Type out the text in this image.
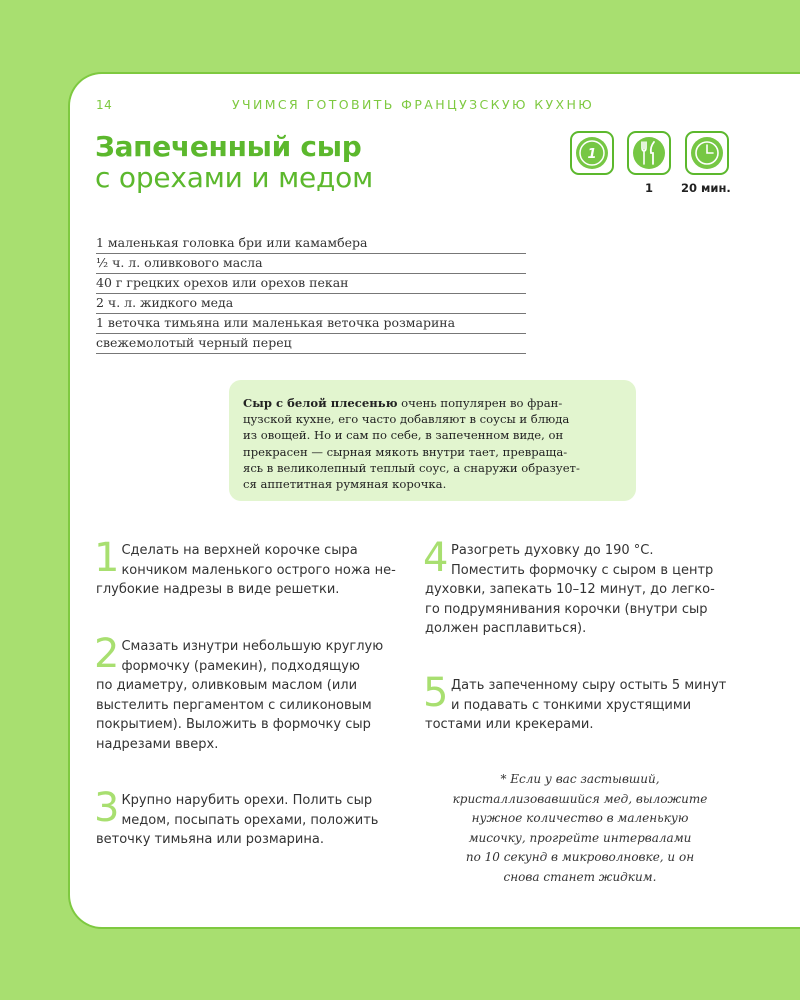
14	УЧИМСЯ ГОТОВИТЬ ФРАНЦУЗСКУЮ КУХНЮ
Запеченный сыр
с орехами и медом
1
1 20 мин.
1 маленькая головка бри или камамбера
½ ч. л. оливкового масла
40 г грецких орехов или орехов пекан
2 ч. л. жидкого меда
1 веточка тимьяна или маленькая веточка розмарина
свежемолотый черный перец
Сыр с белой плесенью очень популярен во фран-
цузской кухне, его часто добавляют в соусы и блюда
из овощей. Но и сам по себе, в запеченном виде, он
прекрасен — сырная мякоть внутри тает, превраща-
ясь в великолепный теплый соус, а снаружи образует-
ся аппетитная румяная корочка.
1 Сделать на верхней корочке сыра
кончиком маленького острого ножа не-
глубокие надрезы в виде решетки.
2 Смазать изнутри небольшую круглую
формочку (рамекин), подходящую
по диаметру, оливковым маслом (или
выстелить пергаментом с силиконовым
покрытием). Выложить в формочку сыр
надрезами вверх.
3 Крупно нарубить орехи. Полить сыр
медом, посыпать орехами, положить
веточку тимьяна или розмарина.
4 Разогреть духовку до 190 °С.
Поместить формочку с сыром в центр
духовки, запекать 10–12 минут, до легко-
го подрумянивания корочки (внутри сыр
должен расплавиться).
5 Дать запеченному сыру остыть 5 минут
и подавать с тонкими хрустящими
тостами или крекерами.
* Если у вас застывший,
кристаллизовавшийся мед, выложите
нужное количество в маленькую
мисочку, прогрейте интервалами
по 10 секунд в микроволновке, и он
снова станет жидким.
